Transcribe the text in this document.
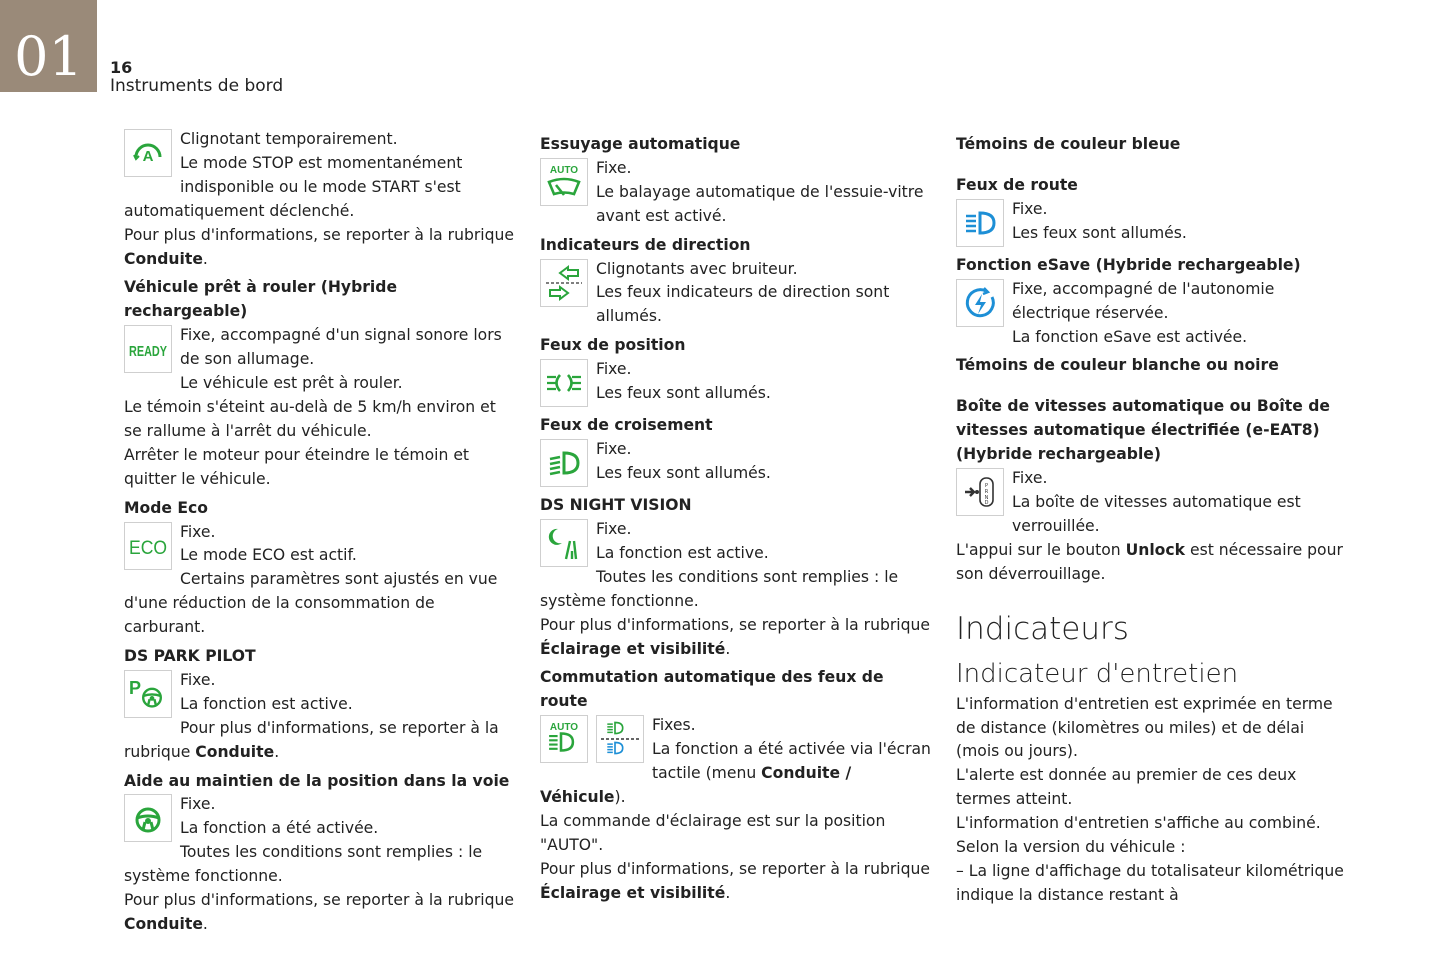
01 16
Instruments de bord
A

Clignotant temporairement.

Le mode STOP est momentanément indisponible ou le mode START s'est automatiquement déclenché.

Pour plus d'informations, se reporter à la rubrique Conduite.

Véhicule prêt à rouler (Hybride rechargeable)

READY

Fixe, accompagné d'un signal sonore lors de son allumage.

Le véhicule est prêt à rouler.

Le témoin s'éteint au-delà de 5 km/h environ et se rallume à l'arrêt du véhicule.

Arrêter le moteur pour éteindre le témoin et quitter le véhicule.

Mode Eco

ECO

Fixe.

Le mode ECO est actif.

Certains paramètres sont ajustés en vue d'une réduction de la consommation de carburant.

DS PARK PILOT

P	Fixe.

La fonction est active.

Pour plus d'informations, se reporter à la rubrique Conduite.

Aide au maintien de la position dans la voie

Fixe.

La fonction a été activée.

Toutes les conditions sont remplies : le système fonctionne.

Pour plus d'informations, se reporter à la rubrique Conduite.

Essuyage automatique

AUTO	Fixe.

Le balayage automatique de l'essuie-vitre avant est activé.

Indicateurs de direction

Clignotants avec bruiteur.

Les feux indicateurs de direction sont allumés.

Feux de position

Fixe.

Les feux sont allumés.

Feux de croisement

Fixe.

Les feux sont allumés.

DS NIGHT VISION

Fixe.

La fonction est active.

Toutes les conditions sont remplies : le système fonctionne.

Pour plus d'informations, se reporter à la rubrique Éclairage et visibilité.

Commutation automatique des feux de route

AUTO	Fixes.

La fonction a été activée via l'écran tactile (menu Conduite / Véhicule).

La commande d'éclairage est sur la position "AUTO".

Pour plus d'informations, se reporter à la rubrique Éclairage et visibilité.

Témoins de couleur bleue

Feux de route

Fixe.

Les feux sont allumés.

Fonction eSave (Hybride rechargeable)

Fixe, accompagné de l'autonomie électrique réservée.

La fonction eSave est activée.

Témoins de couleur blanche ou noire

Boîte de vitesses automatique ou Boîte de vitesses automatique électrifiée (e-EAT8) (Hybride rechargeable)

P
R
N
D

Fixe.

La boîte de vitesses automatique est verrouillée.

L'appui sur le bouton Unlock est nécessaire pour son déverrouillage.

Indicateurs

Indicateur d'entretien

L'information d'entretien est exprimée en terme de distance (kilomètres ou miles) et de délai (mois ou jours).

L'alerte est donnée au premier de ces deux termes atteint.

L'information d'entretien s'affiche au combiné.

Selon la version du véhicule :

– La ligne d'affichage du totalisateur kilométrique indique la distance restant à
